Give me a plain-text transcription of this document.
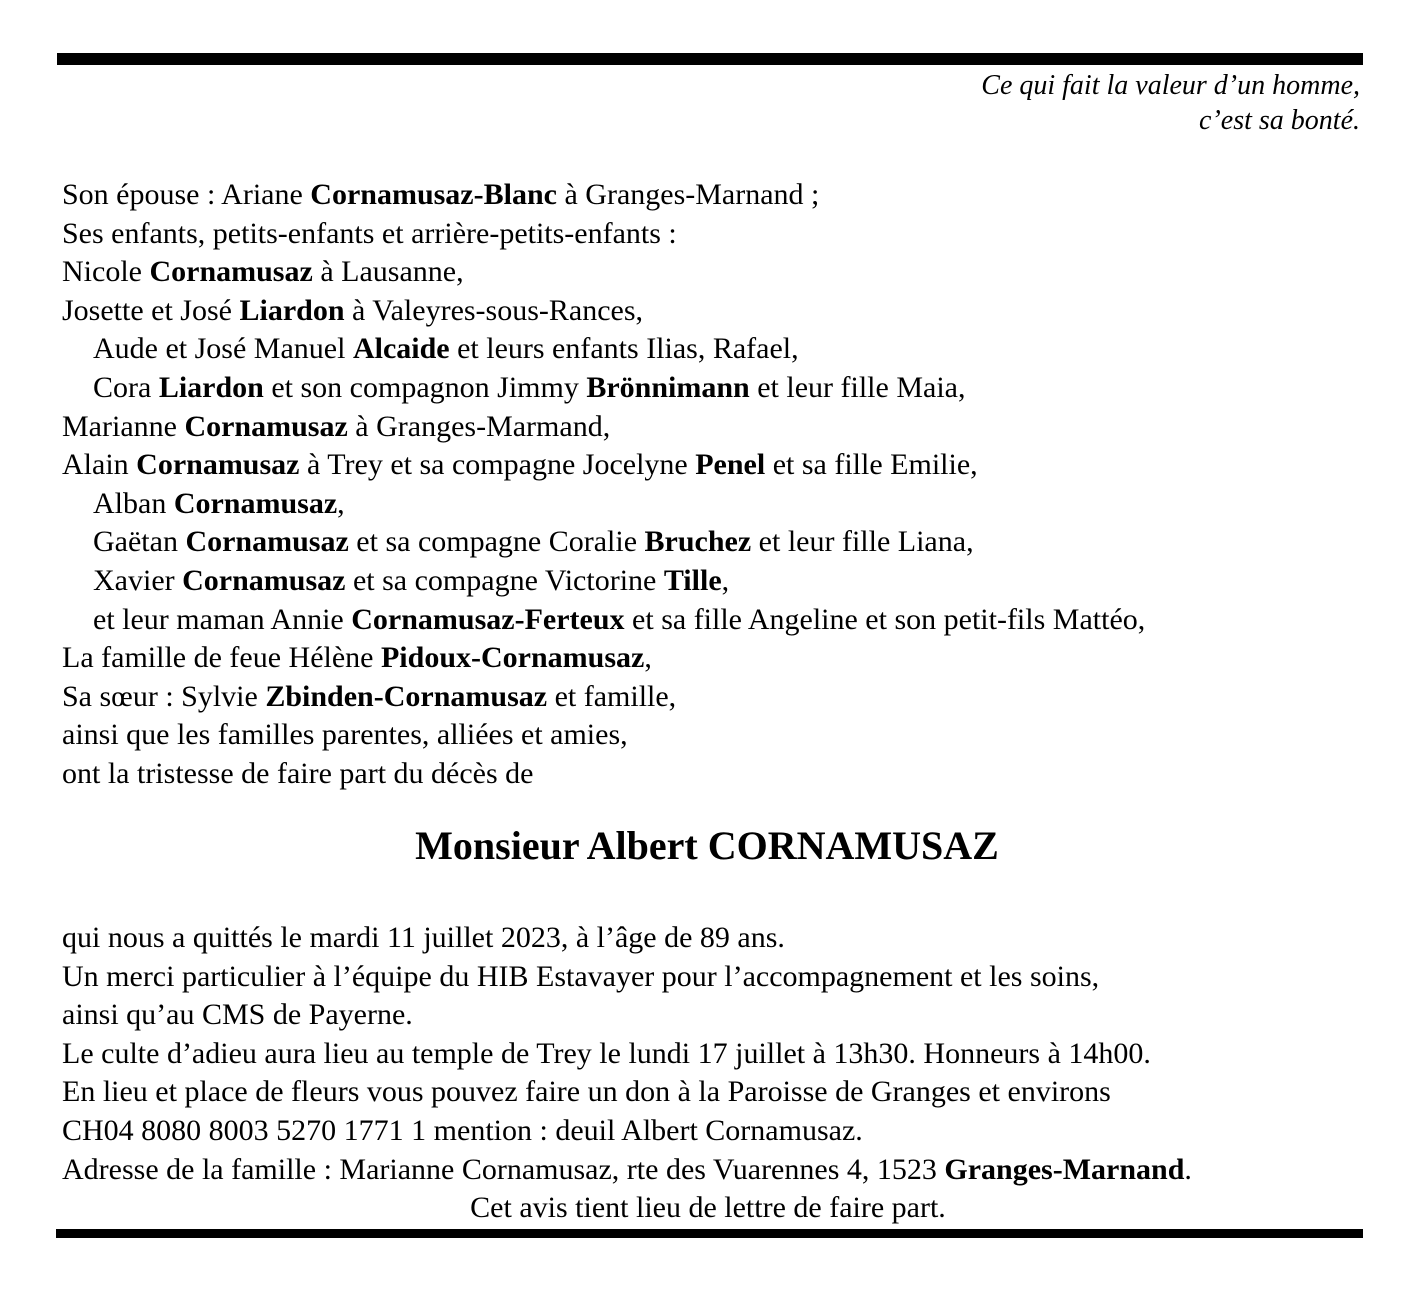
Ce qui fait la valeur d’un homme,
c’est sa bonté.
Son épouse : Ariane Cornamusaz-Blanc à Granges-Marnand ;
Ses enfants, petits-enfants et arrière-petits-enfants :
Nicole Cornamusaz à Lausanne,
Josette et José Liardon à Valeyres-sous-Rances,
Aude et José Manuel Alcaide et leurs enfants Ilias, Rafael,
Cora Liardon et son compagnon Jimmy Brönnimann et leur fille Maia,
Marianne Cornamusaz à Granges-Marmand,
Alain Cornamusaz à Trey et sa compagne Jocelyne Penel et sa fille Emilie,
Alban Cornamusaz,
Gaëtan Cornamusaz et sa compagne Coralie Bruchez et leur fille Liana,
Xavier Cornamusaz et sa compagne Victorine Tille,
et leur maman Annie Cornamusaz-Ferteux et sa fille Angeline et son petit-fils Mattéo,
La famille de feue Hélène Pidoux-Cornamusaz,
Sa sœur : Sylvie Zbinden-Cornamusaz et famille,
ainsi que les familles parentes, alliées et amies,
ont la tristesse de faire part du décès de
Monsieur Albert CORNAMUSAZ
qui nous a quittés le mardi 11 juillet 2023, à l’âge de 89 ans.
Un merci particulier à l’équipe du HIB Estavayer pour l’accompagnement et les soins,
ainsi qu’au CMS de Payerne.
Le culte d’adieu aura lieu au temple de Trey le lundi 17 juillet à 13h30. Honneurs à 14h00.
En lieu et place de fleurs vous pouvez faire un don à la Paroisse de Granges et environs
CH04 8080 8003 5270 1771 1 mention : deuil Albert Cornamusaz.
Adresse de la famille : Marianne Cornamusaz, rte des Vuarennes 4, 1523 Granges-Marnand.
Cet avis tient lieu de lettre de faire part.
